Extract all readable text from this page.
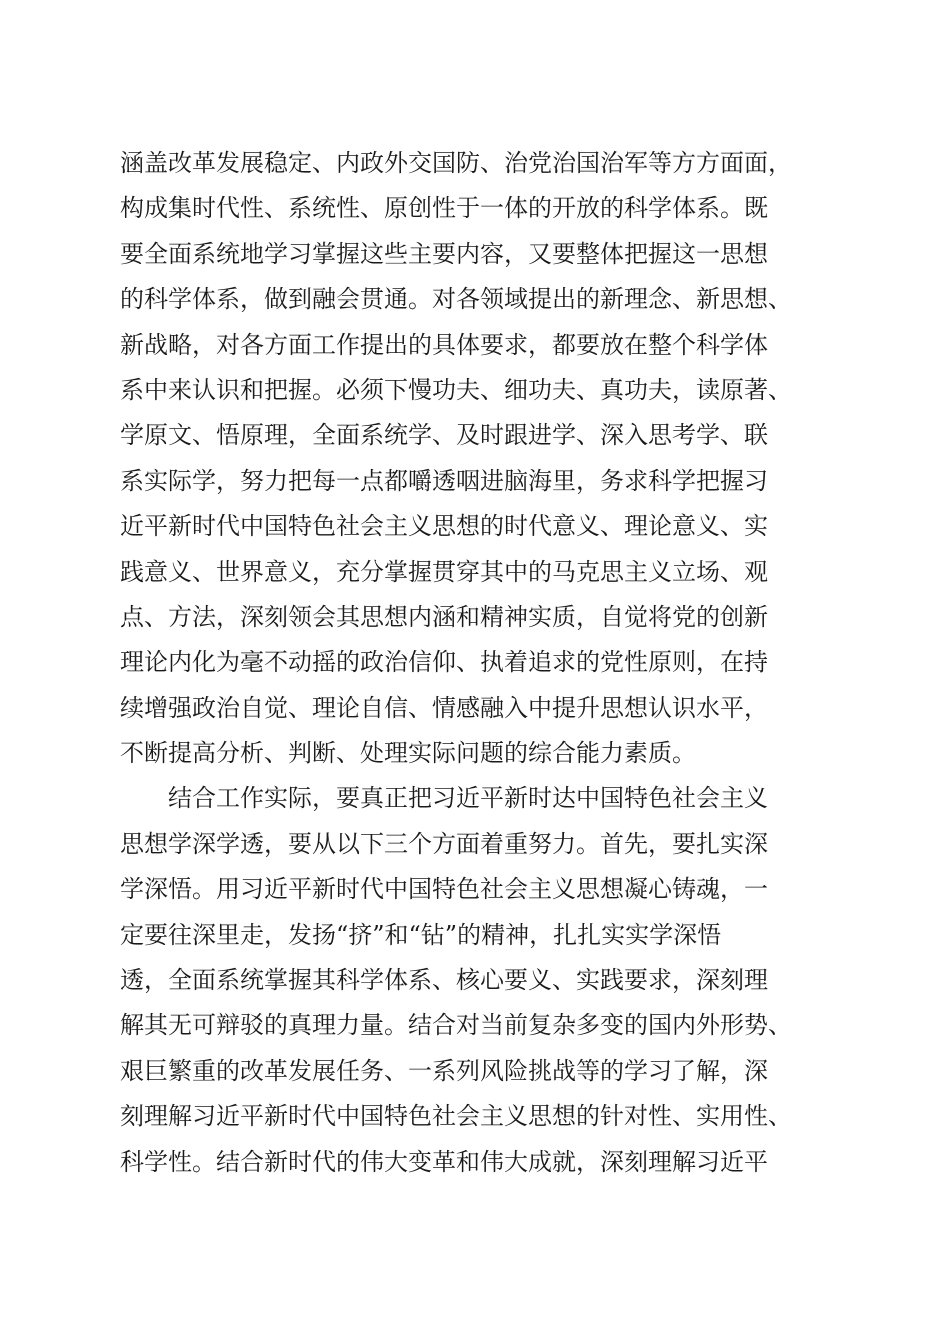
涵盖改革发展稳定、内政外交国防、治党治国治军等方方面面，
构成集时代性、系统性、原创性于一体的开放的科学体系。既
要全面系统地学习掌握这些主要内容，又要整体把握这一思想
的科学体系，做到融会贯通。对各领域提出的新理念、新思想、
新战略，对各方面工作提出的具体要求，都要放在整个科学体
系中来认识和把握。必须下慢功夫、细功夫、真功夫，读原著、
学原文、悟原理，全面系统学、及时跟进学、深入思考学、联
系实际学，努力把每一点都嚼透咽进脑海里，务求科学把握习
近平新时代中国特色社会主义思想的时代意义、理论意义、实
践意义、世界意义，充分掌握贯穿其中的马克思主义立场、观
点、方法，深刻领会其思想内涵和精神实质，自觉将党的创新
理论内化为毫不动摇的政治信仰、执着追求的党性原则，在持
续增强政治自觉、理论自信、情感融入中提升思想认识水平，
不断提高分析、判断、处理实际问题的综合能力素质。
　　结合工作实际，要真正把习近平新时达中国特色社会主义
思想学深学透，要从以下三个方面着重努力。首先，要扎实深
学深悟。用习近平新时代中国特色社会主义思想凝心铸魂，一
定要往深里走，发扬“挤”和“钻”的精神，扎扎实实学深悟
透，全面系统掌握其科学体系、核心要义、实践要求，深刻理
解其无可辩驳的真理力量。结合对当前复杂多变的国内外形势、
艰巨繁重的改革发展任务、一系列风险挑战等的学习了解，深
刻理解习近平新时代中国特色社会主义思想的针对性、实用性、
科学性。结合新时代的伟大变革和伟大成就，深刻理解习近平
